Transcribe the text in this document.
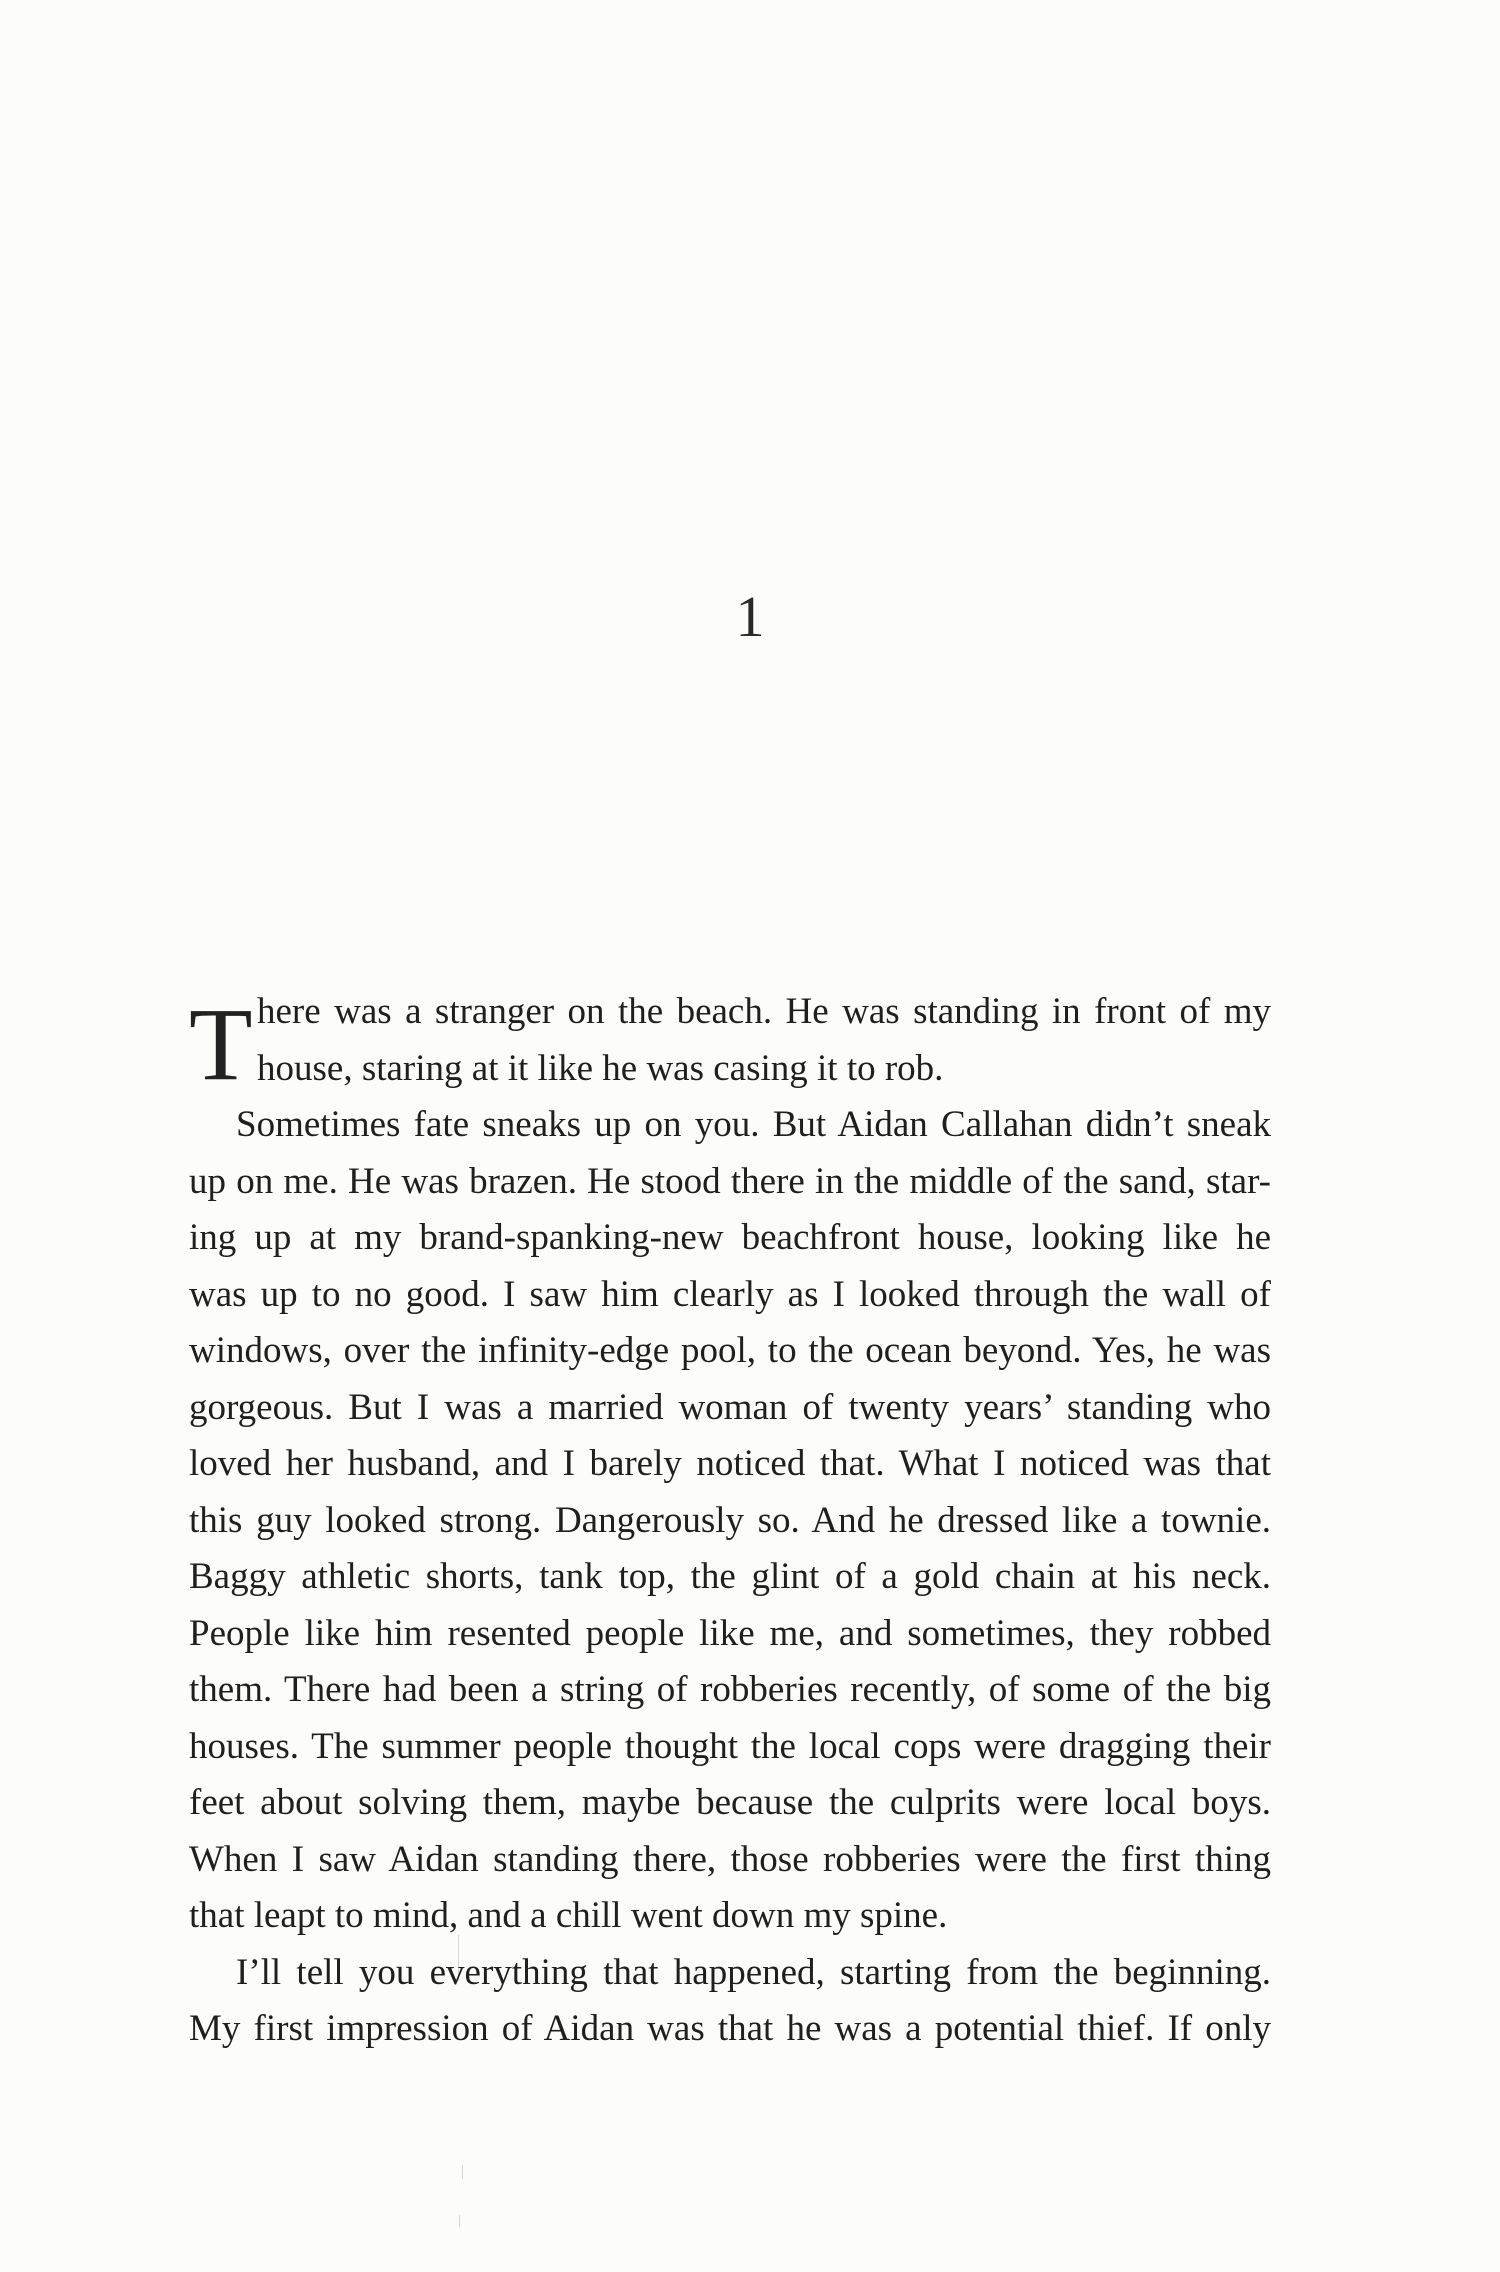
1
T here was a stranger on the beach. He was standing in front of my
house, staring at it like he was casing it to rob.
Sometimes fate sneaks up on you. But Aidan Callahan didn’t sneak
up on me. He was brazen. He stood there in the middle of the sand, star-
ing up at my brand-spanking-new beachfront house, looking like he
was up to no good. I saw him clearly as I looked through the wall of
windows, over the infinity-edge pool, to the ocean beyond. Yes, he was
gorgeous. But I was a married woman of twenty years’ standing who
loved her husband, and I barely noticed that. What I noticed was that
this guy looked strong. Dangerously so. And he dressed like a townie.
Baggy athletic shorts, tank top, the glint of a gold chain at his neck.
People like him resented people like me, and sometimes, they robbed
them. There had been a string of robberies recently, of some of the big
houses. The summer people thought the local cops were dragging their
feet about solving them, maybe because the culprits were local boys.
When I saw Aidan standing there, those robberies were the first thing
that leapt to mind, and a chill went down my spine.
I’ll tell you everything that happened, starting from the beginning.
My first impression of Aidan was that he was a potential thief. If only
